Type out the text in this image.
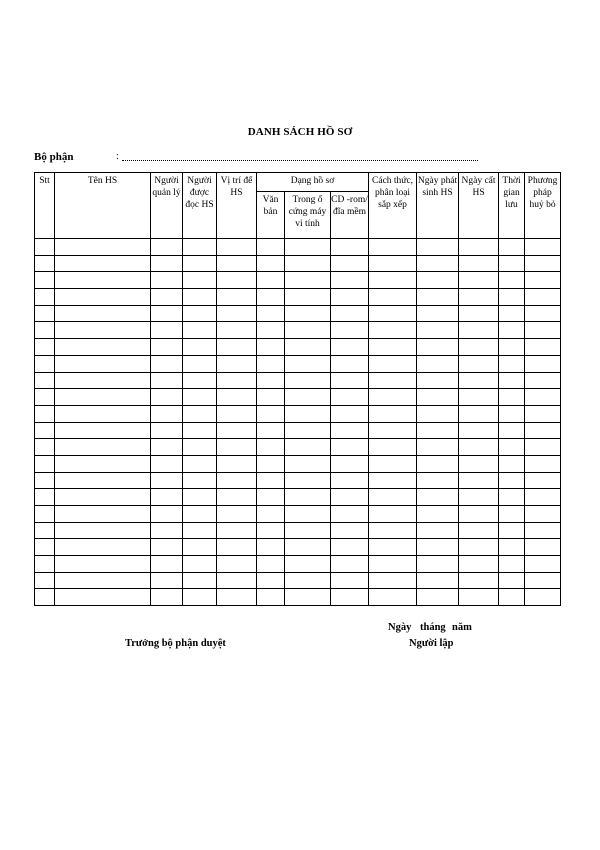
DANH SÁCH HỒ SƠ
Bộ phận	:
Stt	Tên HS	Người quản lý	Người được đọc HS	Vị trí để HS	Dạng hồ sơ			Cách thức, phân loại sắp xếp	Ngày phát sinh HS	Ngày cất HS	Thời gian lưu	Phương pháp huỷ bỏ
					Văn bản	Trong ổ cứng máy vi tính	CD -rom/đĩa mềm					

Ngày tháng năm
Trưởng bộ phận duyệt	Người lập
